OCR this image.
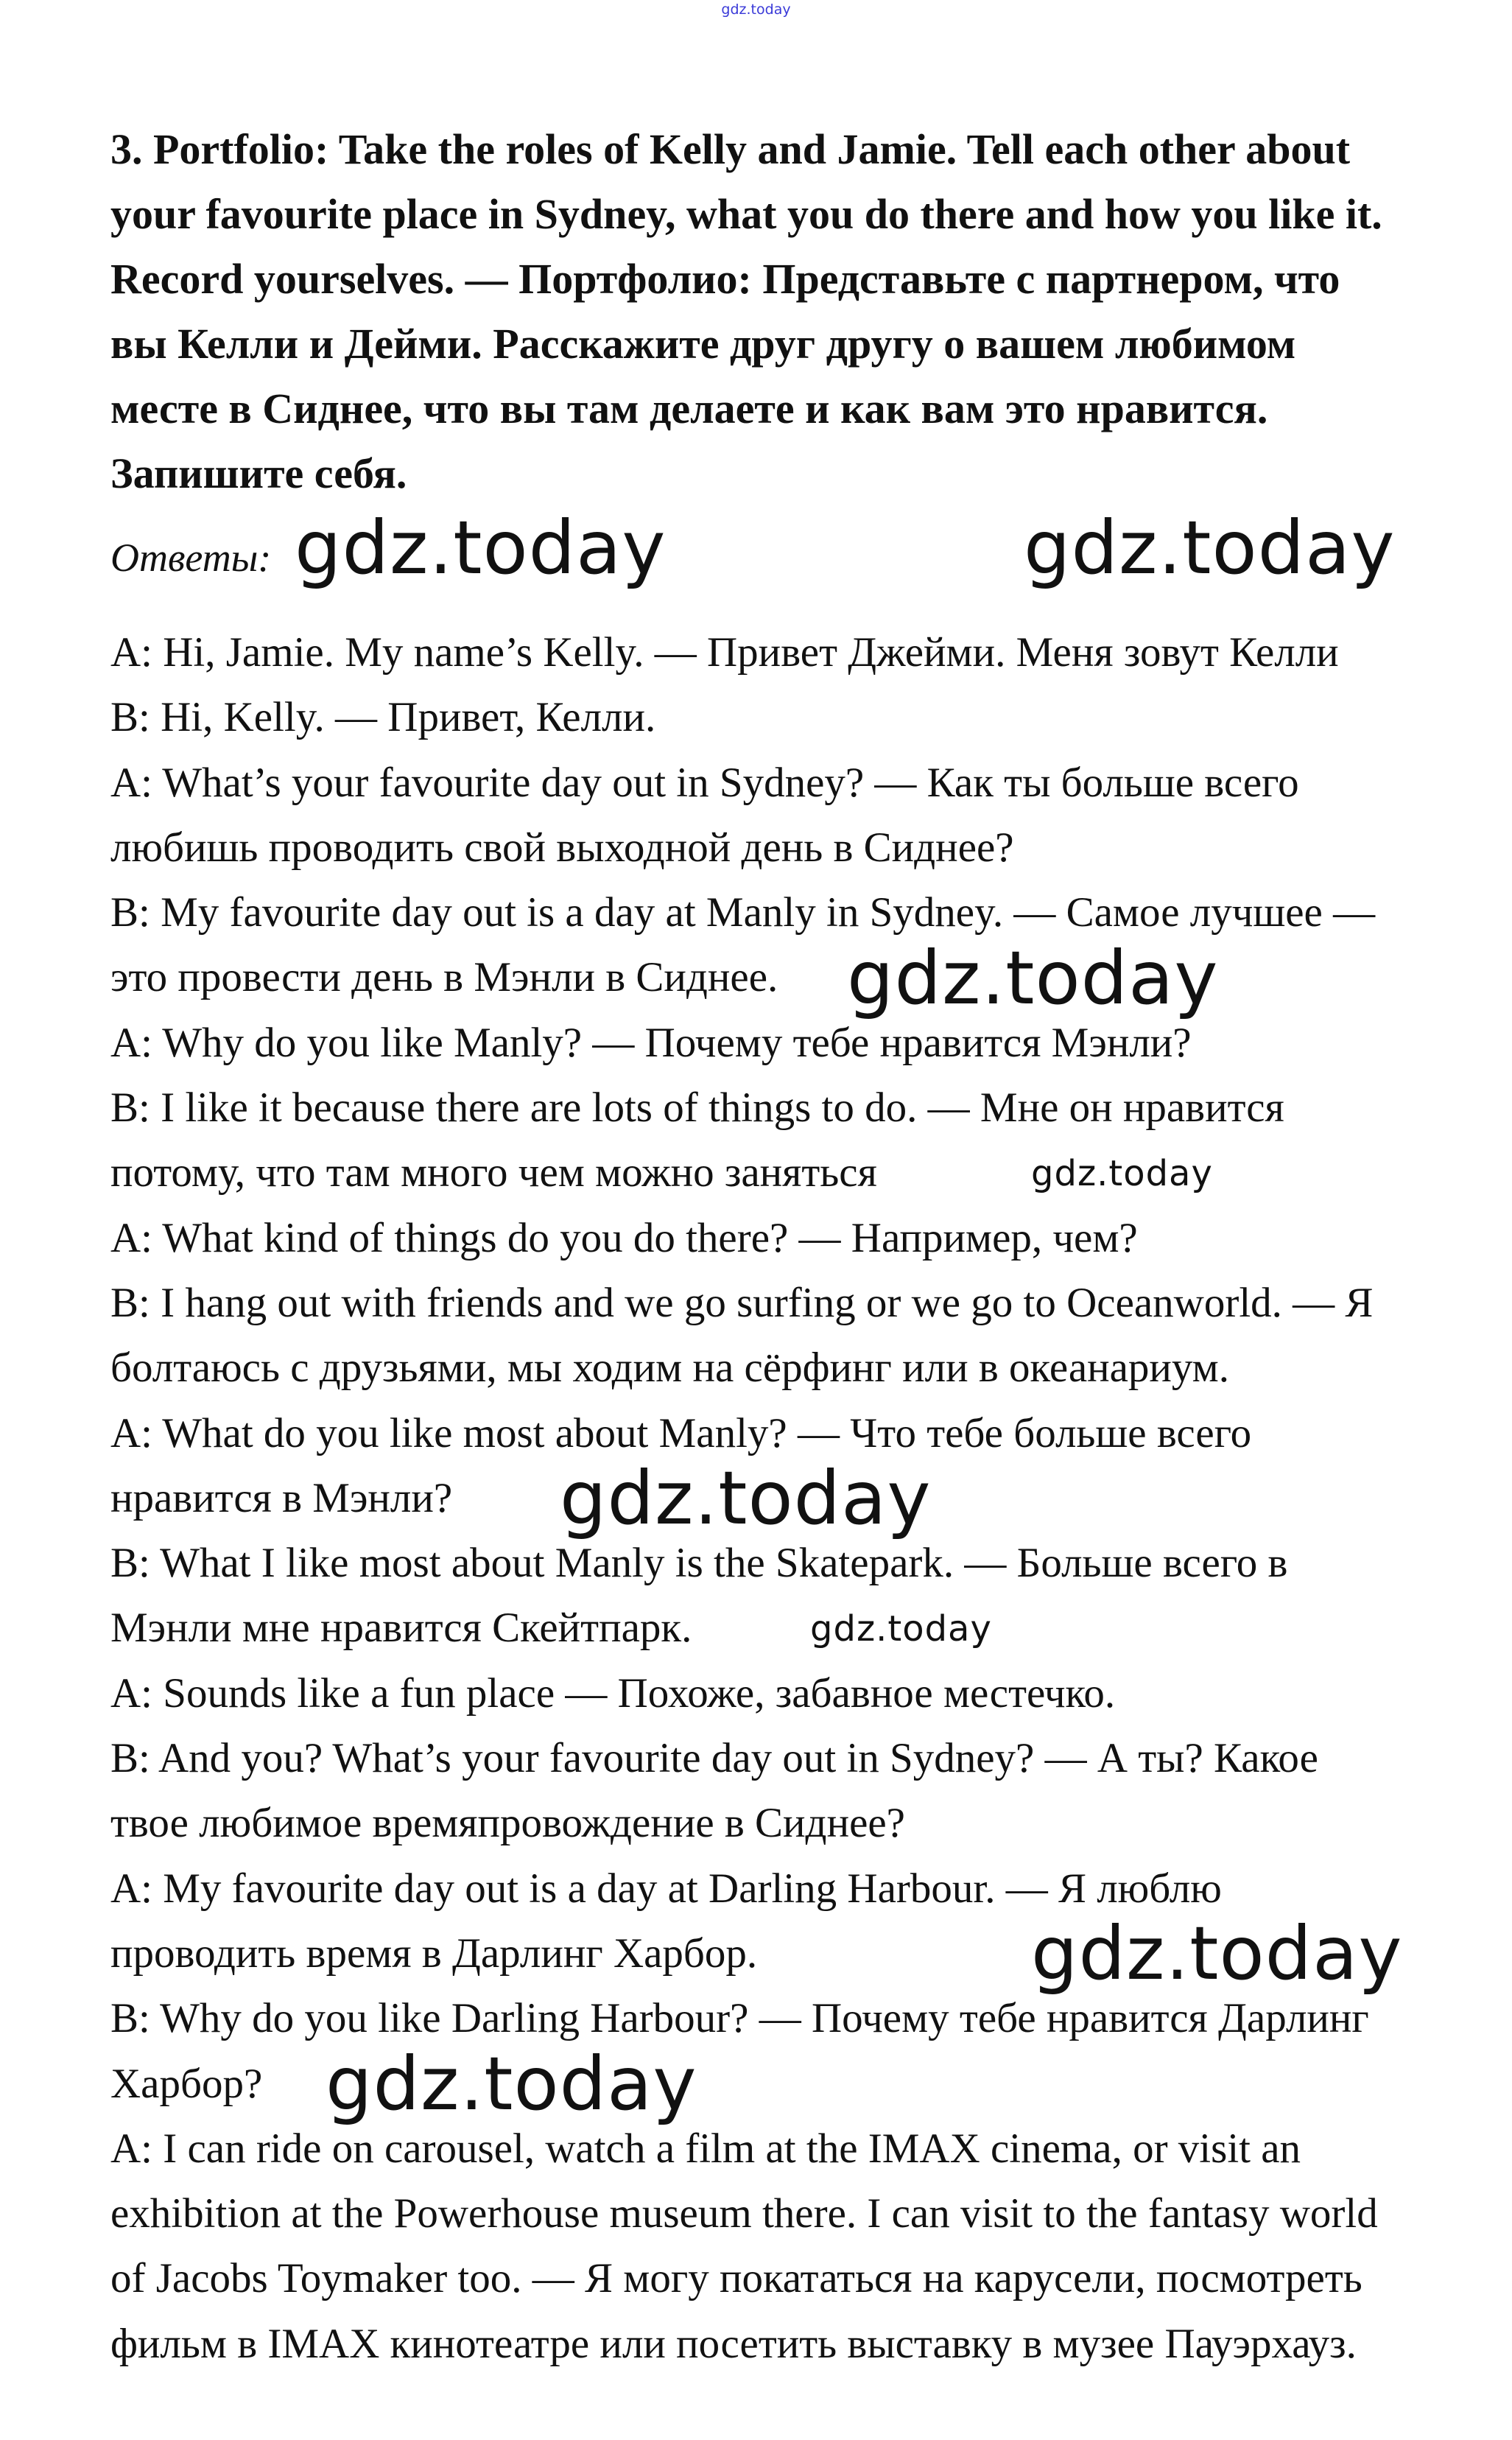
gdz.today
3. Portfolio: Take the roles of Kelly and Jamie. Tell each other about
your favourite place in Sydney, what you do there and how you like it.
Record yourselves. — Портфолио: Представьте с партнером, что
вы Келли и Дейми. Расскажите друг другу о вашем любимом
месте в Сиднее, что вы там делаете и как вам это нравится.
Запишите себя.
Ответы:
A: Hi, Jamie. My name’s Kelly. — Привет Джейми. Меня зовут Келли
B: Hi, Kelly. — Привет, Келли.
A: What’s your favourite day out in Sydney? — Как ты больше всего
любишь проводить свой выходной день в Сиднее?
B: My favourite day out is a day at Manly in Sydney. — Самое лучшее —
это провести день в Мэнли в Сиднее.
A: Why do you like Manly? — Почему тебе нравится Мэнли?
B: I like it because there are lots of things to do. — Мне он нравится
потому, что там много чем можно заняться
A: What kind of things do you do there? — Например, чем?
B: I hang out with friends and we go surfing or we go to Oceanworld. — Я
болтаюсь с друзьями, мы ходим на сёрфинг или в океанариум.
A: What do you like most about Manly? — Что тебе больше всего
нравится в Мэнли?
B: What I like most about Manly is the Skatepark. — Больше всего в
Мэнли мне нравится Скейтпарк.
A: Sounds like a fun place — Похоже, забавное местечко.
B: And you? What’s your favourite day out in Sydney? — А ты? Какое
твое любимое времяпровождение в Сиднее?
A: My favourite day out is a day at Darling Harbour. — Я люблю
проводить время в Дарлинг Харбор.
B: Why do you like Darling Harbour? — Почему тебе нравится Дарлинг
Харбор?
A: I can ride on carousel, watch a film at the IMAX cinema, or visit an
exhibition at the Powerhouse museum there. I can visit to the fantasy world
of Jacobs Toymaker too. — Я могу покататься на карусели, посмотреть
фильм в IMAX кинотеатре или посетить выставку в музее Пауэрхауз.
gdz.today	gdz.today
gdz.today
gdz.today
gdz.today
gdz.today
gdz.today
gdz.today
